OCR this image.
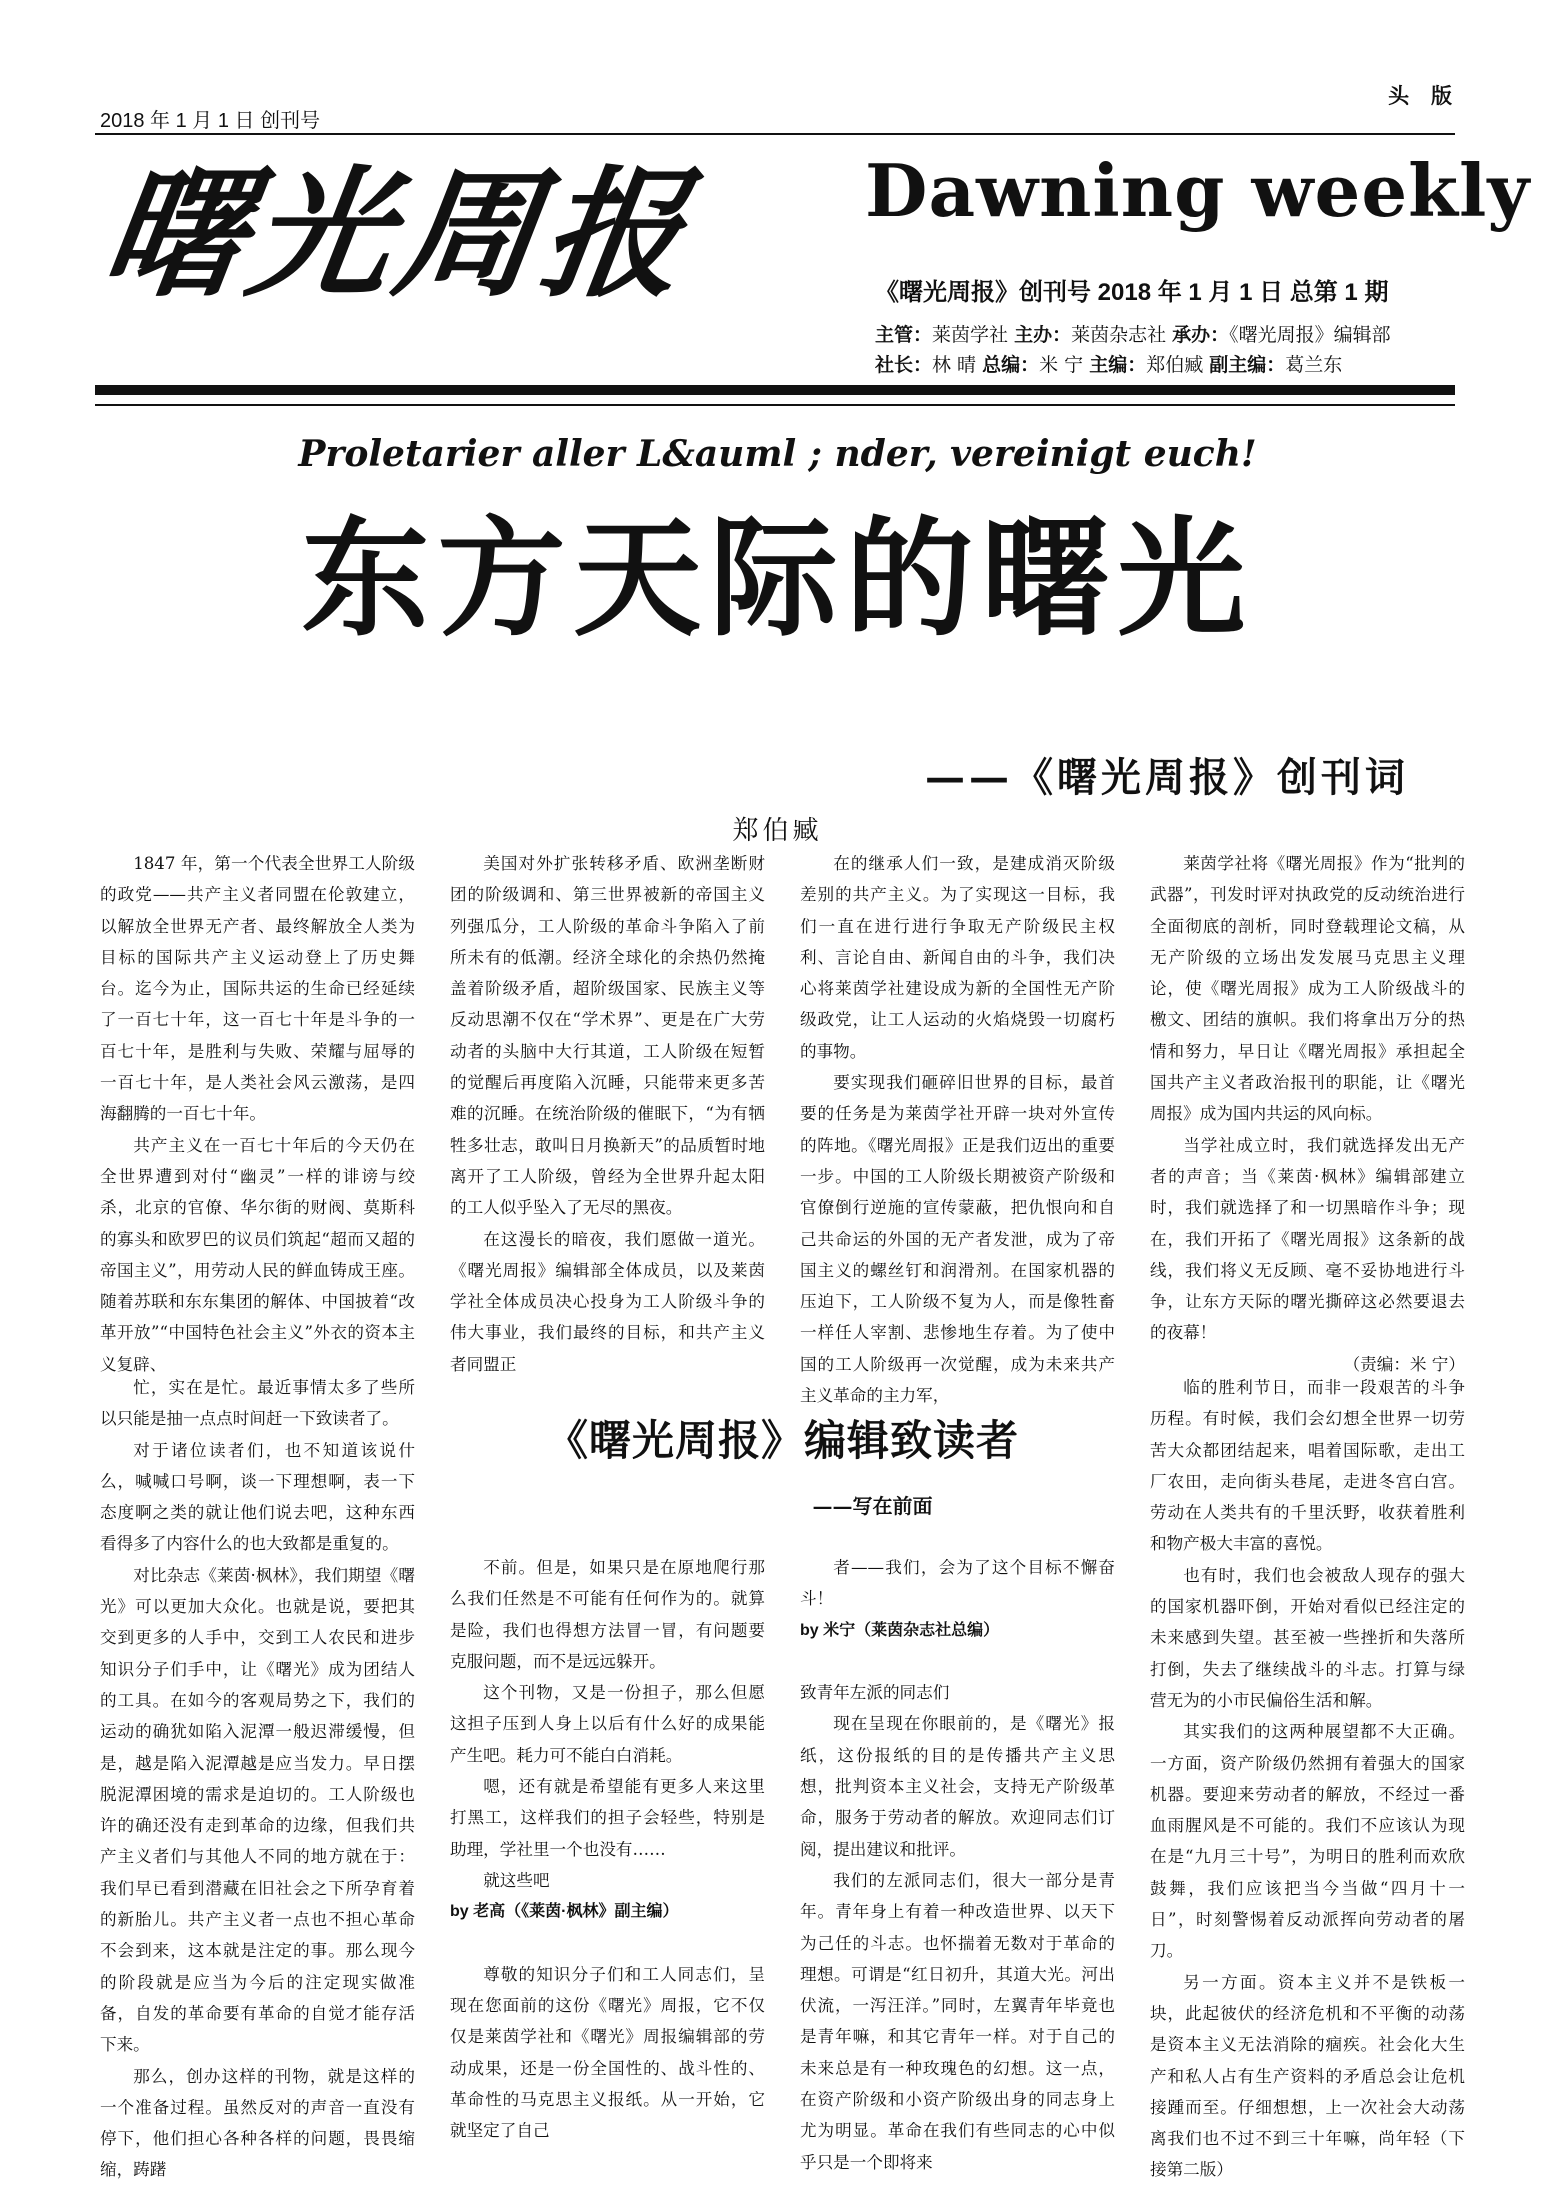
2018 年 1 月 1 日 创刊号
头 版
曙光周报 Dawning weekly
《曙光周报》创刊号 2018 年 1 月 1 日 总第 1 期
主管：莱茵学社 主办：莱茵杂志社 承办：《曙光周报》编辑部
社长：林 晴 总编：米 宁 主编：郑伯臧 副主编：葛兰东
Proletarier aller L&auml ; nder, vereinigt euch!
东方天际的曙光
——《曙光周报》创刊词
郑伯臧

1847 年，第一个代表全世界工人阶级的政党——共产主义者同盟在伦敦建立，以解放全世界无产者、最终解放全人类为目标的国际共产主义运动登上了历史舞台。迄今为止，国际共运的生命已经延续了一百七十年，这一百七十年是斗争的一百七十年，是胜利与失败、荣耀与屈辱的一百七十年，是人类社会风云激荡，是四海翻腾的一百七十年。

共产主义在一百七十年后的今天仍在全世界遭到对付“幽灵”一样的诽谤与绞杀，北京的官僚、华尔街的财阀、莫斯科的寡头和欧罗巴的议员们筑起“超而又超的帝国主义”，用劳动人民的鲜血铸成王座。随着苏联和东东集团的解体、中国披着“改革开放”“中国特色社会主义”外衣的资本主义复辟、

美国对外扩张转移矛盾、欧洲垄断财团的阶级调和、第三世界被新的帝国主义列强瓜分，工人阶级的革命斗争陷入了前所未有的低潮。经济全球化的余热仍然掩盖着阶级矛盾，超阶级国家、民族主义等反动思潮不仅在“学术界”、更是在广大劳动者的头脑中大行其道，工人阶级在短暂的觉醒后再度陷入沉睡，只能带来更多苦难的沉睡。在统治阶级的催眠下，“为有牺牲多壮志，敢叫日月换新天”的品质暂时地离开了工人阶级，曾经为全世界升起太阳的工人似乎坠入了无尽的黑夜。

在这漫长的暗夜，我们愿做一道光。《曙光周报》编辑部全体成员，以及莱茵学社全体成员决心投身为工人阶级斗争的伟大事业，我们最终的目标，和共产主义者同盟正

在的继承人们一致，是建成消灭阶级差别的共产主义。为了实现这一目标，我们一直在进行进行争取无产阶级民主权利、言论自由、新闻自由的斗争，我们决心将莱茵学社建设成为新的全国性无产阶级政党，让工人运动的火焰烧毁一切腐朽的事物。

要实现我们砸碎旧世界的目标，最首要的任务是为莱茵学社开辟一块对外宣传的阵地。《曙光周报》正是我们迈出的重要一步。中国的工人阶级长期被资产阶级和官僚倒行逆施的宣传蒙蔽，把仇恨向和自己共命运的外国的无产者发泄，成为了帝国主义的螺丝钉和润滑剂。在国家机器的压迫下，工人阶级不复为人，而是像牲畜一样任人宰割、悲惨地生存着。为了使中国的工人阶级再一次觉醒，成为未来共产主义革命的主力军，

莱茵学社将《曙光周报》作为“批判的武器”，刊发时评对执政党的反动统治进行全面彻底的剖析，同时登载理论文稿，从无产阶级的立场出发发展马克思主义理论，使《曙光周报》成为工人阶级战斗的檄文、团结的旗帜。我们将拿出万分的热情和努力，早日让《曙光周报》承担起全国共产主义者政治报刊的职能，让《曙光周报》成为国内共运的风向标。

当学社成立时，我们就选择发出无产者的声音；当《莱茵·枫林》编辑部建立时，我们就选择了和一切黑暗作斗争；现在，我们开拓了《曙光周报》这条新的战线，我们将义无反顾、毫不妥协地进行斗争，让东方天际的曙光撕碎这必然要退去的夜幕！

（责编：米 宁）

《曙光周报》编辑致读者
——写在前面

忙，实在是忙。最近事情太多了些所以只能是抽一点点时间赶一下致读者了。

对于诸位读者们，也不知道该说什么，喊喊口号啊，谈一下理想啊，表一下态度啊之类的就让他们说去吧，这种东西看得多了内容什么的也大致都是重复的。

对比杂志《莱茵·枫林》，我们期望《曙光》可以更加大众化。也就是说，要把其交到更多的人手中，交到工人农民和进步知识分子们手中，让《曙光》成为团结人的工具。在如今的客观局势之下，我们的运动的确犹如陷入泥潭一般迟滞缓慢，但是，越是陷入泥潭越是应当发力。早日摆脱泥潭困境的需求是迫切的。工人阶级也许的确还没有走到革命的边缘，但我们共产主义者们与其他人不同的地方就在于：我们早已看到潜藏在旧社会之下所孕育着的新胎儿。共产主义者一点也不担心革命不会到来，这本就是注定的事。那么现今的阶段就是应当为今后的注定现实做准备，自发的革命要有革命的自觉才能存活下来。

那么，创办这样的刊物，就是这样的一个准备过程。虽然反对的声音一直没有停下，他们担心各种各样的问题，畏畏缩缩，踌躇

不前。但是，如果只是在原地爬行那么我们任然是不可能有任何作为的。就算是险，我们也得想方法冒一冒，有问题要克服问题，而不是远远躲开。

这个刊物，又是一份担子，那么但愿这担子压到人身上以后有什么好的成果能产生吧。耗力可不能白白消耗。

嗯，还有就是希望能有更多人来这里打黑工，这样我们的担子会轻些，特别是助理，学社里一个也没有……

就这些吧

by 老高（《莱茵·枫林》副主编）

尊敬的知识分子们和工人同志们，呈现在您面前的这份《曙光》周报，它不仅仅是莱茵学社和《曙光》周报编辑部的劳动成果，还是一份全国性的、战斗性的、革命性的马克思主义报纸。从一开始，它就坚定了自己

者——我们，会为了这个目标不懈奋斗！

by 米宁（莱茵杂志社总编）

致青年左派的同志们

现在呈现在你眼前的，是《曙光》报纸，这份报纸的目的是传播共产主义思想，批判资本主义社会，支持无产阶级革命，服务于劳动者的解放。欢迎同志们订阅，提出建议和批评。

我们的左派同志们，很大一部分是青年。青年身上有着一种改造世界、以天下为己任的斗志。也怀揣着无数对于革命的理想。可谓是“红日初升，其道大光。河出伏流，一泻汪洋。”同时，左翼青年毕竟也是青年嘛，和其它青年一样。对于自己的未来总是有一种玫瑰色的幻想。这一点，在资产阶级和小资产阶级出身的同志身上尤为明显。革命在我们有些同志的心中似乎只是一个即将来

临的胜利节日，而非一段艰苦的斗争历程。有时候，我们会幻想全世界一切劳苦大众都团结起来，唱着国际歌，走出工厂农田，走向街头巷尾，走进冬宫白宫。劳动在人类共有的千里沃野，收获着胜利和物产极大丰富的喜悦。

也有时，我们也会被敌人现存的强大的国家机器吓倒，开始对看似已经注定的未来感到失望。甚至被一些挫折和失落所打倒，失去了继续战斗的斗志。打算与绿营无为的小市民偏俗生活和解。

其实我们的这两种展望都不大正确。一方面，资产阶级仍然拥有着强大的国家机器。要迎来劳动者的解放，不经过一番血雨腥风是不可能的。我们不应该认为现在是“九月三十号”，为明日的胜利而欢欣鼓舞，我们应该把当今当做“四月十一日”，时刻警惕着反动派挥向劳动者的屠刀。

另一方面。资本主义并不是铁板一块，此起彼伏的经济危机和不平衡的动荡是资本主义无法消除的痼疾。社会化大生产和私人占有生产资料的矛盾总会让危机接踵而至。仔细想想，上一次社会大动荡离我们也不过不到三十年嘛，尚年轻（下接第二版）
